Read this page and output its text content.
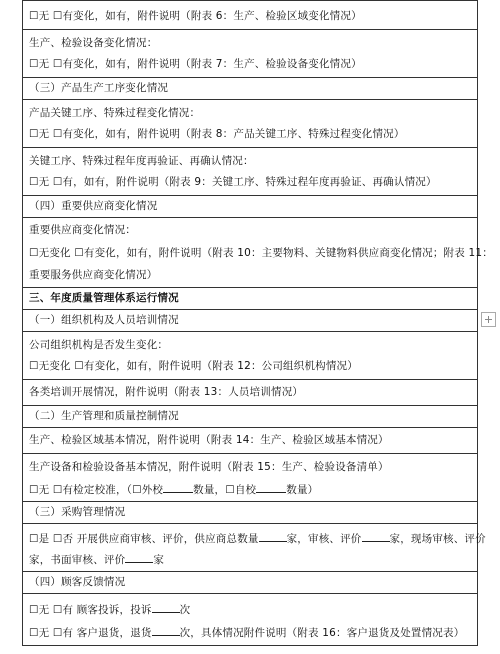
☐无 ☐有变化，如有，附件说明（附表 6：生产、检验区域变化情况）
生产、检验设备变化情况：
☐无 ☐有变化，如有，附件说明（附表 7：生产、检验设备变化情况）
（三）产品生产工序变化情况
产品关键工序、特殊过程变化情况：
☐无 ☐有变化，如有，附件说明（附表 8：产品关键工序、特殊过程变化情况）
关键工序、特殊过程年度再验证、再确认情况：
☐无 ☐有，如有，附件说明（附表 9：关键工序、特殊过程年度再验证、再确认情况）
（四）重要供应商变化情况
重要供应商变化情况：
☐无变化 ☐有变化，如有，附件说明（附表 10：主要物料、关键物料供应商变化情况；附表 11：
重要服务供应商变化情况）
三、年度质量管理体系运行情况
（一）组织机构及人员培训情况
公司组织机构是否发生变化：
☐无变化 ☐有变化，如有，附件说明（附表 12：公司组织机构情况）
各类培训开展情况，附件说明（附表 13：人员培训情况）
（二）生产管理和质量控制情况
生产、检验区域基本情况，附件说明（附表 14：生产、检验区域基本情况）
生产设备和检验设备基本情况，附件说明（附表 15：生产、检验设备清单）
☐无 ☐有检定校准，（☐外校	数量，☐自校	数量）
（三）采购管理情况
☐是 ☐否 开展供应商审核、评价，供应商总数量	家，审核、评价	家，现场审核、评价
家，书面审核、评价	家
（四）顾客反馈情况
☐无 ☐有 顾客投诉，投诉	次
☐无 ☐有 客户退货，退货	次，具体情况附件说明（附表 16：客户退货及处置情况表）
